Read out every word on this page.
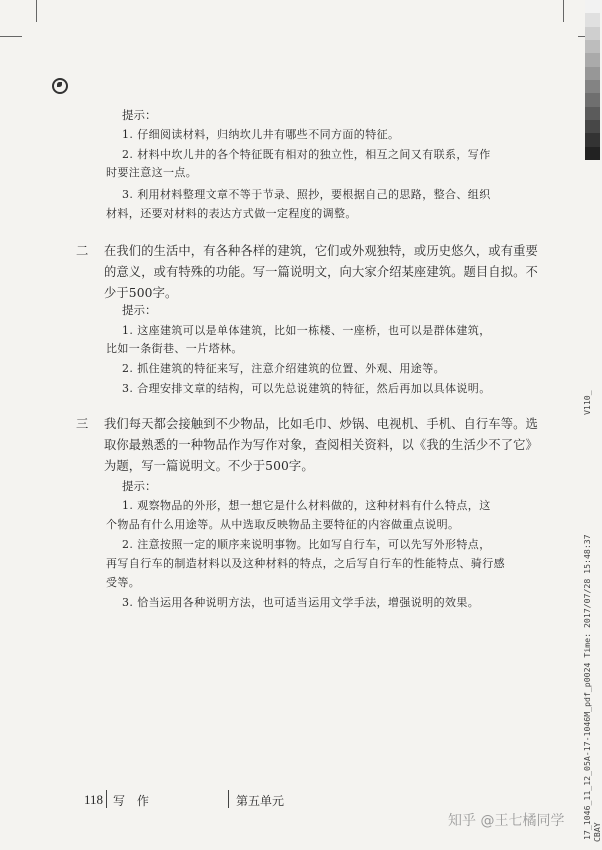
提示：
1. 仔细阅读材料，归纳坎儿井有哪些不同方面的特征。
2. 材料中坎儿井的各个特征既有相对的独立性，相互之间又有联系，写作
时要注意这一点。
3. 利用材料整理文章不等于节录、照抄，要根据自己的思路，整合、组织
材料，还要对材料的表达方式做一定程度的调整。
二 在我们的生活中，有各种各样的建筑，它们或外观独特，或历史悠久，或有重要
的意义，或有特殊的功能。写一篇说明文，向大家介绍某座建筑。题目自拟。不
少于500字。
提示：
1. 这座建筑可以是单体建筑，比如一栋楼、一座桥，也可以是群体建筑，
比如一条街巷、一片塔林。
2. 抓住建筑的特征来写，注意介绍建筑的位置、外观、用途等。
3. 合理安排文章的结构，可以先总说建筑的特征，然后再加以具体说明。
三 我们每天都会接触到不少物品，比如毛巾、炒锅、电视机、手机、自行车等。选
取你最熟悉的一种物品作为写作对象，查阅相关资料，以《我的生活少不了它》
为题，写一篇说明文。不少于500字。
提示：
1. 观察物品的外形，想一想它是什么材料做的，这种材料有什么特点，这
个物品有什么用途等。从中选取反映物品主要特征的内容做重点说明。
2. 注意按照一定的顺序来说明事物。比如写自行车，可以先写外形特点，
再写自行车的制造材料以及这种材料的特点，之后写自行车的性能特点、骑行感
受等。
3. 恰当运用各种说明方法，也可适当运用文学手法，增强说明的效果。
118 写 作	第五单元
V110_
17_1046_11_12_05A-17-1046M_pdf_p0024 Time: 2017/07/28 15:48:37 CBAY
知乎 @王七橘同学
